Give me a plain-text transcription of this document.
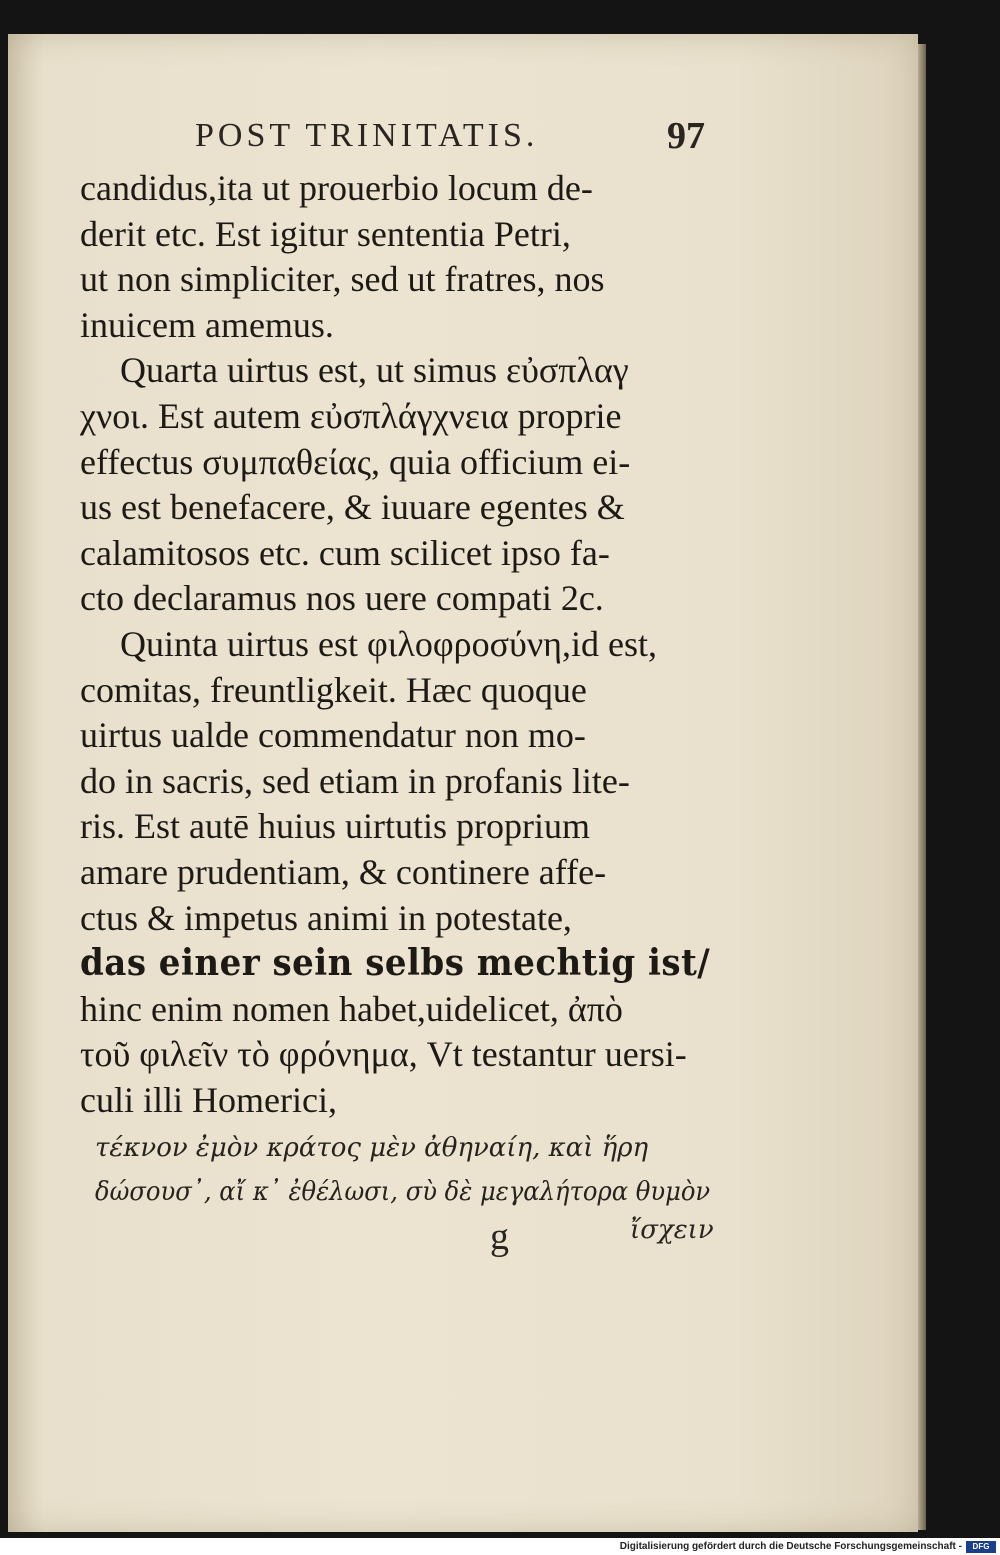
POST TRINITATIS.	97
candidus,ita ut prouerbio locum de-
derit etc. Est igitur sententia Petri,
ut non simpliciter, sed ut fratres, nos
inuicem amemus.
Quarta uirtus est, ut simus εὐσπλαγ
χνοι. Est autem εὐσπλάγχνεια proprie
effectus συμπαθείας, quia officium ei-
us est benefacere, & iuuare egentes &
calamitosos etc. cum scilicet ipso fa-
cto declaramus nos uere compati 2c.
Quinta uirtus est φιλοφροσύνη,id est,
comitas, freuntligkeit. Hæc quoque
uirtus ualde commendatur non mo-
do in sacris, sed etiam in profanis lite-
ris. Est autē huius uirtutis proprium
amare prudentiam, & continere affe-
ctus & impetus animi in potestate,
das einer sein selbs mechtig ist/
hinc enim nomen habet,uidelicet, ἀπὸ
τοῦ φιλεῖν τὸ φρόνημα, Vt testantur uersi-
culi illi Homerici,
τέκνον ἐμὸν κράτος μὲν ἀθηναίη, καὶ ἥρη
δώσουσ᾽, αἴ κ᾽ ἐθέλωσι, σὺ δὲ μεγαλήτορα θυμὸν
g	ἴσχειν
Digitalisierung gefördert durch die Deutsche Forschungsgemeinschaft -	DFG
